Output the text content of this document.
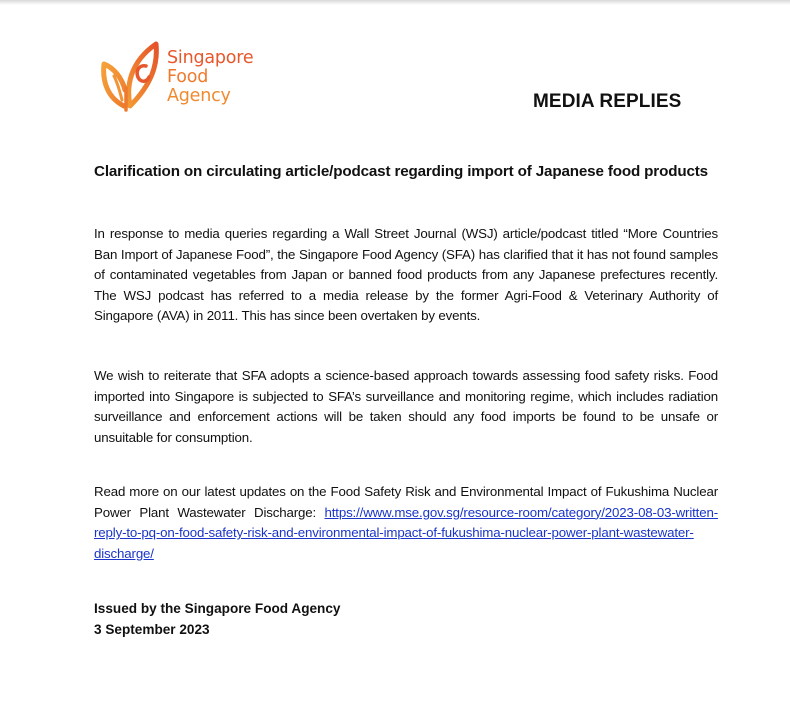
Singapore
Food
Agency	MEDIA REPLIES
Clarification on circulating article/podcast regarding import of Japanese food products

In response to media queries regarding a Wall Street Journal (WSJ) article/podcast titled “More Countries Ban Import of Japanese Food”, the Singapore Food Agency (SFA) has clarified that it has not found samples of contaminated vegetables from Japan or banned food products from any Japanese prefectures recently. The WSJ podcast has referred to a media release by the former Agri-Food & Veterinary Authority of Singapore (AVA) in 2011. This has since been overtaken by events.

We wish to reiterate that SFA adopts a science-based approach towards assessing food safety risks. Food imported into Singapore is subjected to SFA’s surveillance and monitoring regime, which includes radiation surveillance and enforcement actions will be taken should any food imports be found to be unsafe or unsuitable for consumption.

Read more on our latest updates on the Food Safety Risk and Environmental Impact of Fukushima Nuclear Power Plant Wastewater Discharge: https://www.mse.gov.sg/resource-room/category/2023-08-03-written-reply-to-pq-on-food-safety-risk-and-environmental-impact-of-fukushima-nuclear-power-plant-wastewater-discharge/

Issued by the Singapore Food Agency
3 September 2023
